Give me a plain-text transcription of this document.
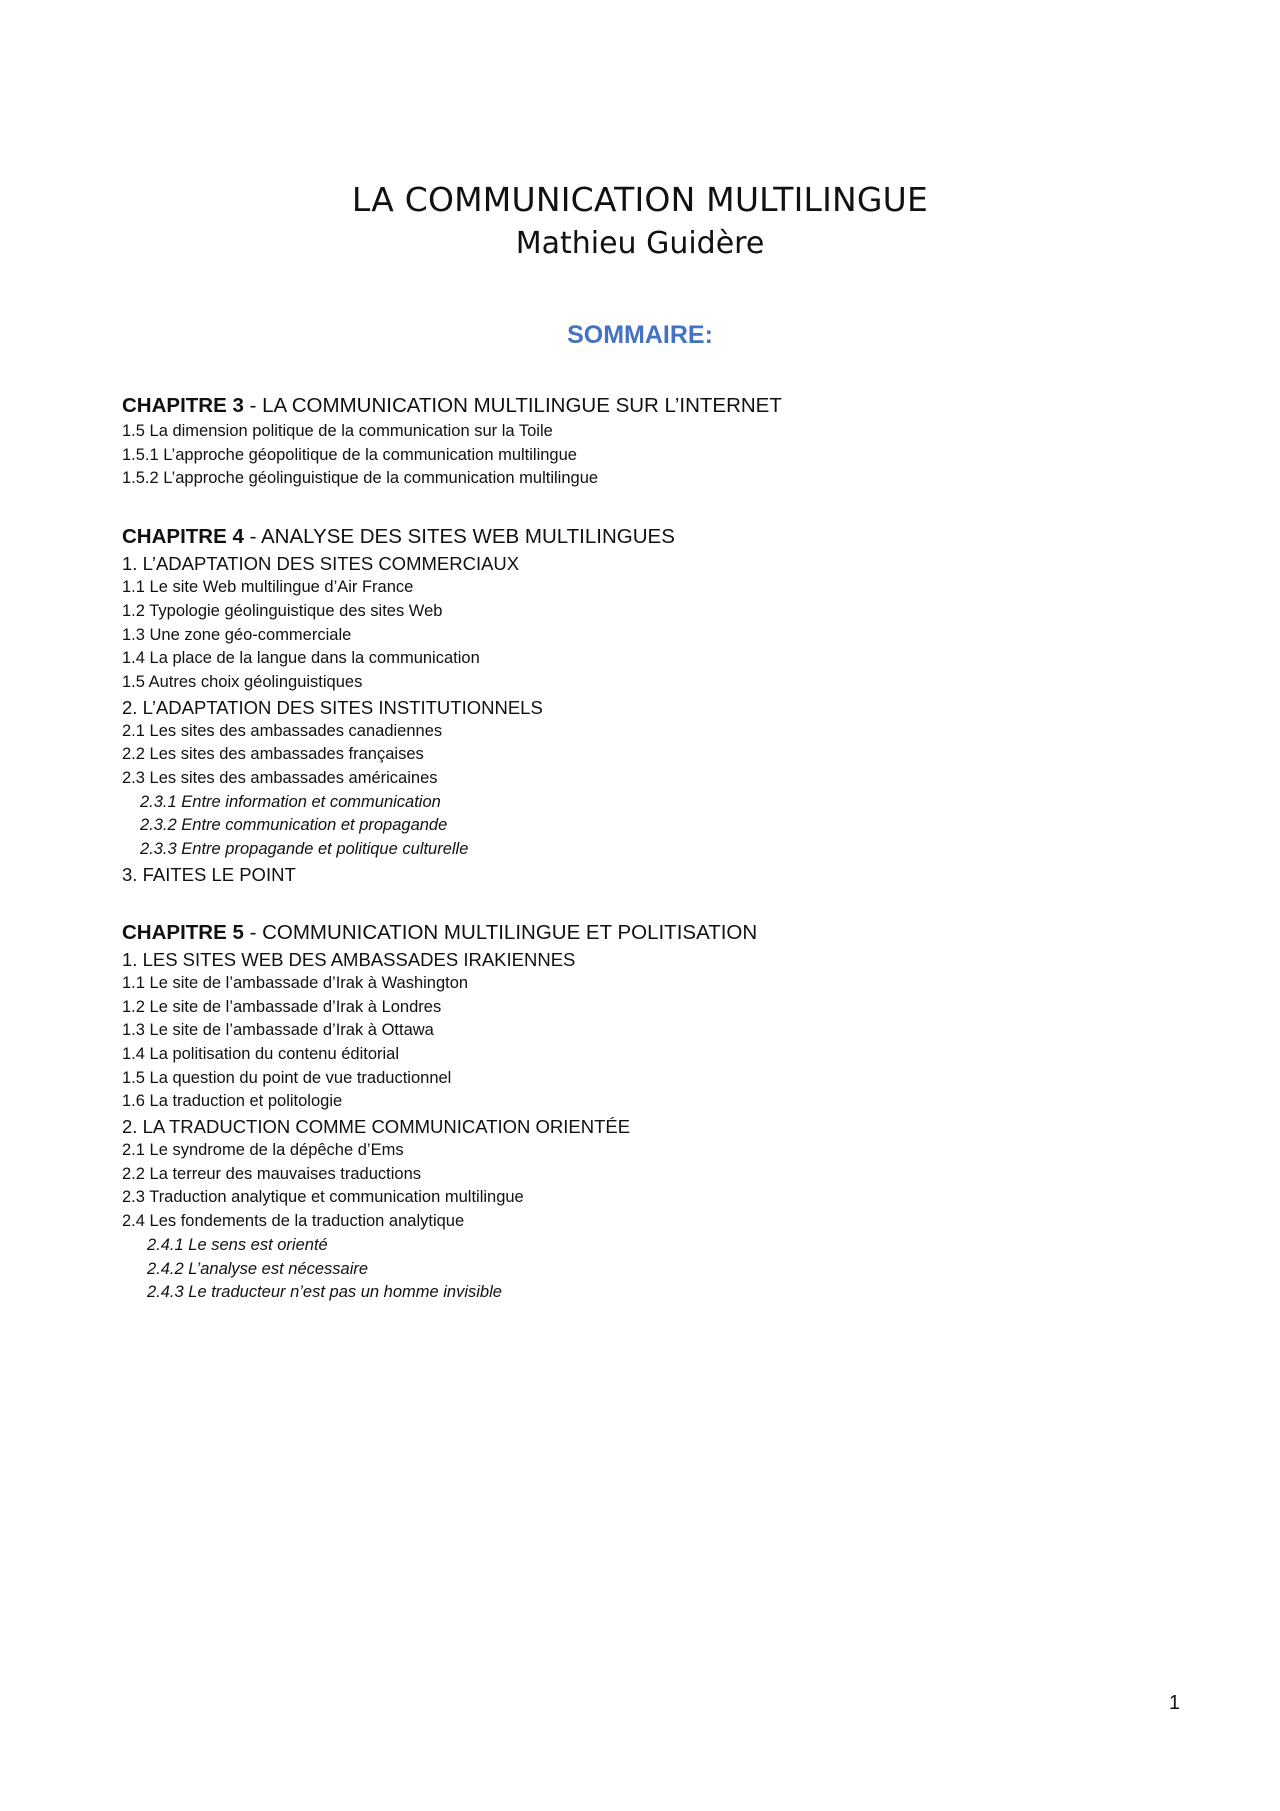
LA COMMUNICATION MULTILINGUE
Mathieu Guidère
SOMMAIRE:
CHAPITRE 3 - LA COMMUNICATION MULTILINGUE SUR L’INTERNET
1.5 La dimension politique de la communication sur la Toile
1.5.1 L’approche géopolitique de la communication multilingue
1.5.2 L’approche géolinguistique de la communication multilingue
CHAPITRE 4 - ANALYSE DES SITES WEB MULTILINGUES
1. L’ADAPTATION DES SITES COMMERCIAUX
1.1 Le site Web multilingue d’Air France
1.2 Typologie géolinguistique des sites Web
1.3 Une zone géo-commerciale
1.4 La place de la langue dans la communication
1.5 Autres choix géolinguistiques
2. L’ADAPTATION DES SITES INSTITUTIONNELS
2.1 Les sites des ambassades canadiennes
2.2 Les sites des ambassades françaises
2.3 Les sites des ambassades américaines
2.3.1 Entre information et communication
2.3.2 Entre communication et propagande
2.3.3 Entre propagande et politique culturelle
3. FAITES LE POINT
CHAPITRE 5 - COMMUNICATION MULTILINGUE ET POLITISATION
1. LES SITES WEB DES AMBASSADES IRAKIENNES
1.1 Le site de l’ambassade d’Irak à Washington
1.2 Le site de l’ambassade d’Irak à Londres
1.3 Le site de l’ambassade d’Irak à Ottawa
1.4 La politisation du contenu éditorial
1.5 La question du point de vue traductionnel
1.6 La traduction et politologie
2. LA TRADUCTION COMME COMMUNICATION ORIENTÉE
2.1 Le syndrome de la dépêche d’Ems
2.2 La terreur des mauvaises traductions
2.3 Traduction analytique et communication multilingue
2.4 Les fondements de la traduction analytique
2.4.1 Le sens est orienté
2.4.2 L’analyse est nécessaire
2.4.3 Le traducteur n’est pas un homme invisible
1
